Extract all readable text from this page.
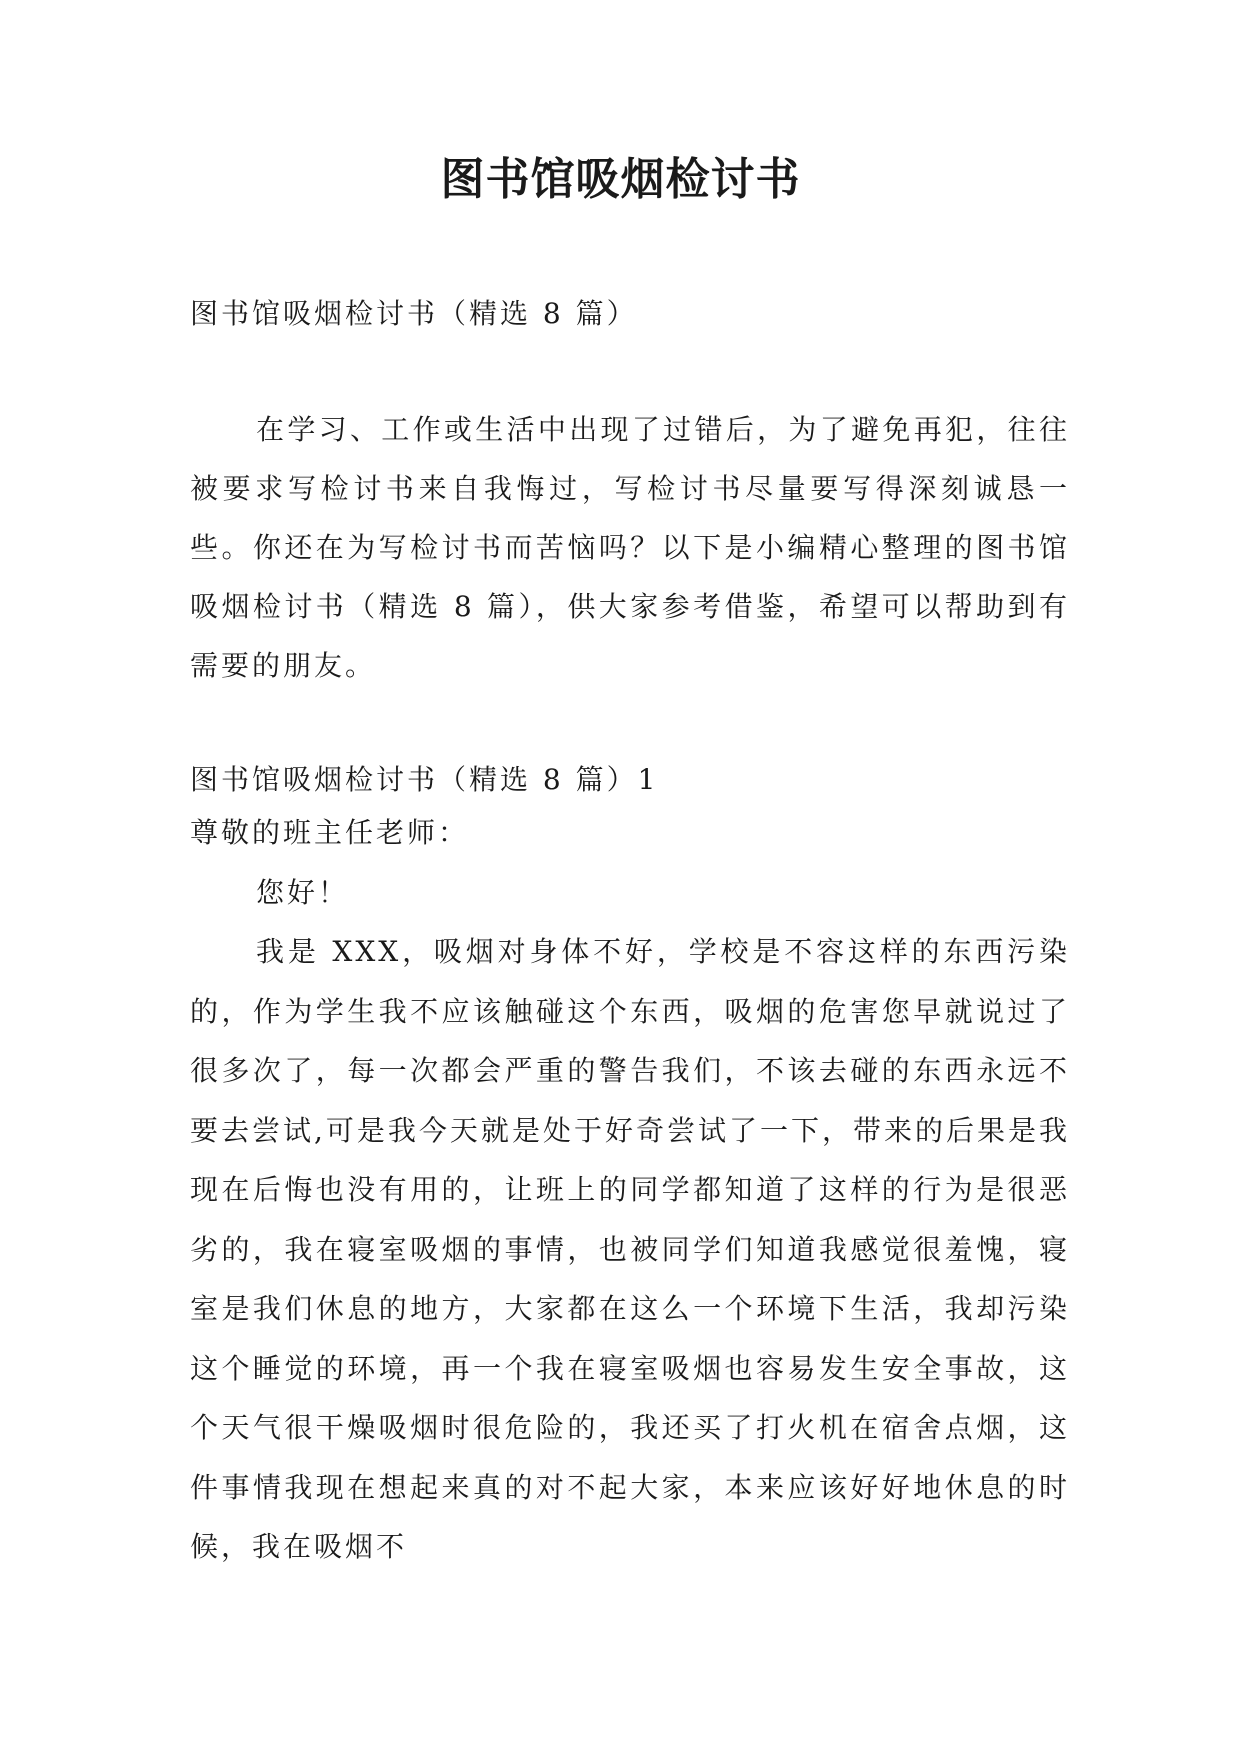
图书馆吸烟检讨书

图书馆吸烟检讨书（精选 8 篇）

在学习、工作或生活中出现了过错后，为了避免再犯，往往被要求写检讨书来自我悔过，写检讨书尽量要写得深刻诚恳一些。你还在为写检讨书而苦恼吗？以下是小编精心整理的图书馆吸烟检讨书（精选 8 篇），供大家参考借鉴，希望可以帮助到有需要的朋友。

图书馆吸烟检讨书（精选 8 篇）1

尊敬的班主任老师：

您好！

我是 XXX，吸烟对身体不好，学校是不容这样的东西污染的，作为学生我不应该触碰这个东西，吸烟的危害您早就说过了很多次了，每一次都会严重的警告我们，不该去碰的东西永远不要去尝试,可是我今天就是处于好奇尝试了一下，带来的后果是我现在后悔也没有用的，让班上的同学都知道了这样的行为是很恶劣的，我在寝室吸烟的事情，也被同学们知道我感觉很羞愧，寝室是我们休息的地方，大家都在这么一个环境下生活，我却污染这个睡觉的环境，再一个我在寝室吸烟也容易发生安全事故，这个天气很干燥吸烟时很危险的，我还买了打火机在宿舍点烟，这件事情我现在想起来真的对不起大家，本来应该好好地休息的时候，我在吸烟不
